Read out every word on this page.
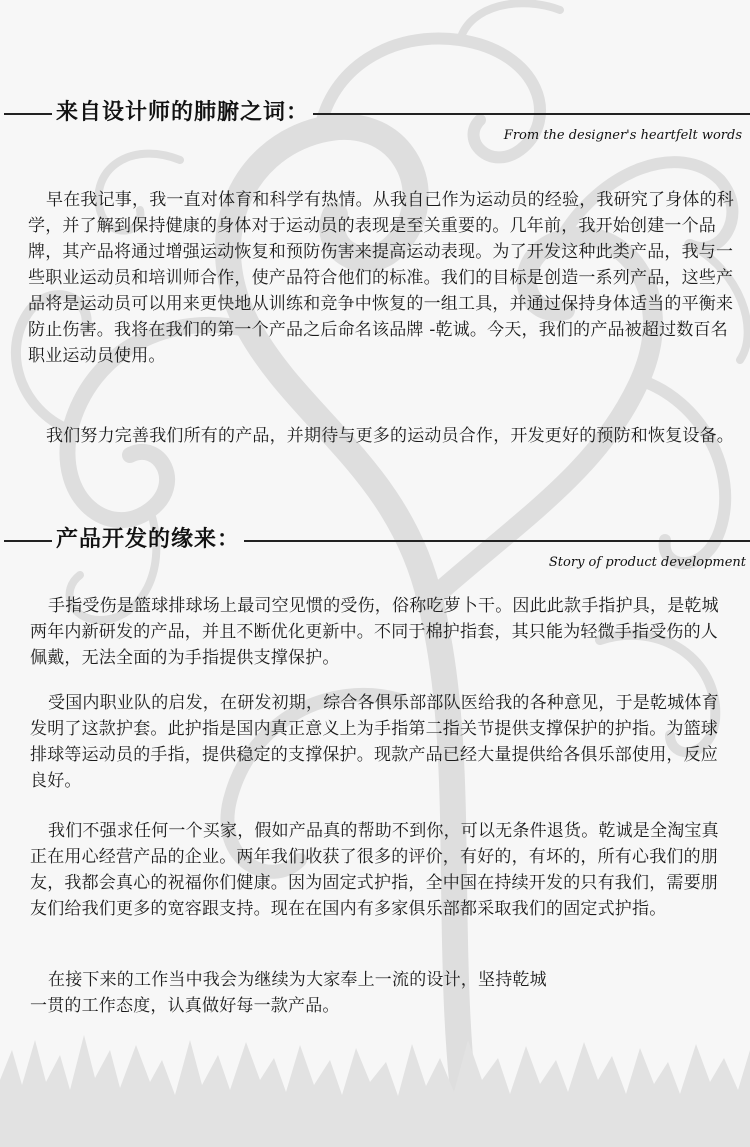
来自设计师的肺腑之词：
From the designer's heartfelt words

早在我记事，我一直对体育和科学有热情。从我自己作为运动员的经验，我研究了身体的科学，并了解到保持健康的身体对于运动员的表现是至关重要的。几年前，我开始创建一个品牌，其产品将通过增强运动恢复和预防伤害来提高运动表现。为了开发这种此类产品，我与一些职业运动员和培训师合作，使产品符合他们的标准。我们的目标是创造一系列产品，这些产品将是运动员可以用来更快地从训练和竞争中恢复的一组工具，并通过保持身体适当的平衡来防止伤害。我将在我们的第一个产品之后命名该品牌 -乾诚。今天，我们的产品被超过数百名职业运动员使用。

我们努力完善我们所有的产品，并期待与更多的运动员合作，开发更好的预防和恢复设备。

产品开发的缘来：
Story of product development

手指受伤是篮球排球场上最司空见惯的受伤，俗称吃萝卜干。因此此款手指护具，是乾城两年内新研发的产品，并且不断优化更新中。不同于棉护指套，其只能为轻微手指受伤的人佩戴，无法全面的为手指提供支撑保护。

受国内职业队的启发，在研发初期，综合各俱乐部部队医给我的各种意见，于是乾城体育发明了这款护套。此护指是国内真正意义上为手指第二指关节提供支撑保护的护指。为篮球排球等运动员的手指，提供稳定的支撑保护。现款产品已经大量提供给各俱乐部使用，反应良好。

我们不强求任何一个买家，假如产品真的帮助不到你，可以无条件退货。乾诚是全淘宝真正在用心经营产品的企业。两年我们收获了很多的评价，有好的，有坏的，所有心我们的朋友，我都会真心的祝福你们健康。因为固定式护指，全中国在持续开发的只有我们，需要朋友们给我们更多的宽容跟支持。现在在国内有多家俱乐部都采取我们的固定式护指。

在接下来的工作当中我会为继续为大家奉上一流的设计，坚持乾城一贯的工作态度，认真做好每一款产品。
